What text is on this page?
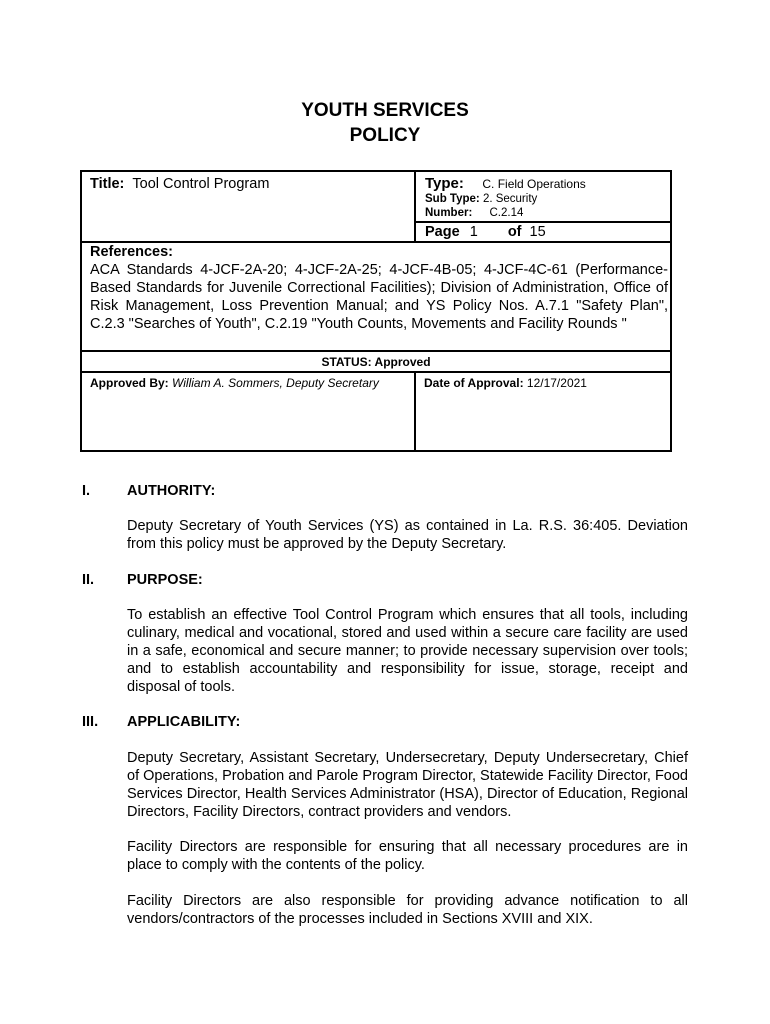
YOUTH SERVICES
POLICY
Title: Tool Control Program	Type: C. Field Operations
Sub Type: 2. Security
Number: C.2.14
Page 1 of 15
References:
ACA Standards 4-JCF-2A-20; 4-JCF-2A-25; 4-JCF-4B-05; 4-JCF-4C-61 (Performance-Based Standards for Juvenile Correctional Facilities); Division of Administration, Office of Risk Management, Loss Prevention Manual; and YS Policy Nos. A.7.1 "Safety Plan", C.2.3 "Searches of Youth", C.2.19 "Youth Counts, Movements and Facility Rounds "
STATUS: Approved
Approved By: William A. Sommers, Deputy Secretary	Date of Approval: 12/17/2021
I.	AUTHORITY:
Deputy Secretary of Youth Services (YS) as contained in La. R.S. 36:405. Deviation from this policy must be approved by the Deputy Secretary.
II. PURPOSE:
To establish an effective Tool Control Program which ensures that all tools, including culinary, medical and vocational, stored and used within a secure care facility are used in a safe, economical and secure manner; to provide necessary supervision over tools; and to establish accountability and responsibility for issue, storage, receipt and disposal of tools.
III. APPLICABILITY:
Deputy Secretary, Assistant Secretary, Undersecretary, Deputy Undersecretary, Chief of Operations, Probation and Parole Program Director, Statewide Facility Director, Food Services Director, Health Services Administrator (HSA), Director of Education, Regional Directors, Facility Directors, contract providers and vendors.
Facility Directors are responsible for ensuring that all necessary procedures are in place to comply with the contents of the policy.
Facility Directors are also responsible for providing advance notification to all vendors/contractors of the processes included in Sections XVIII and XIX.
